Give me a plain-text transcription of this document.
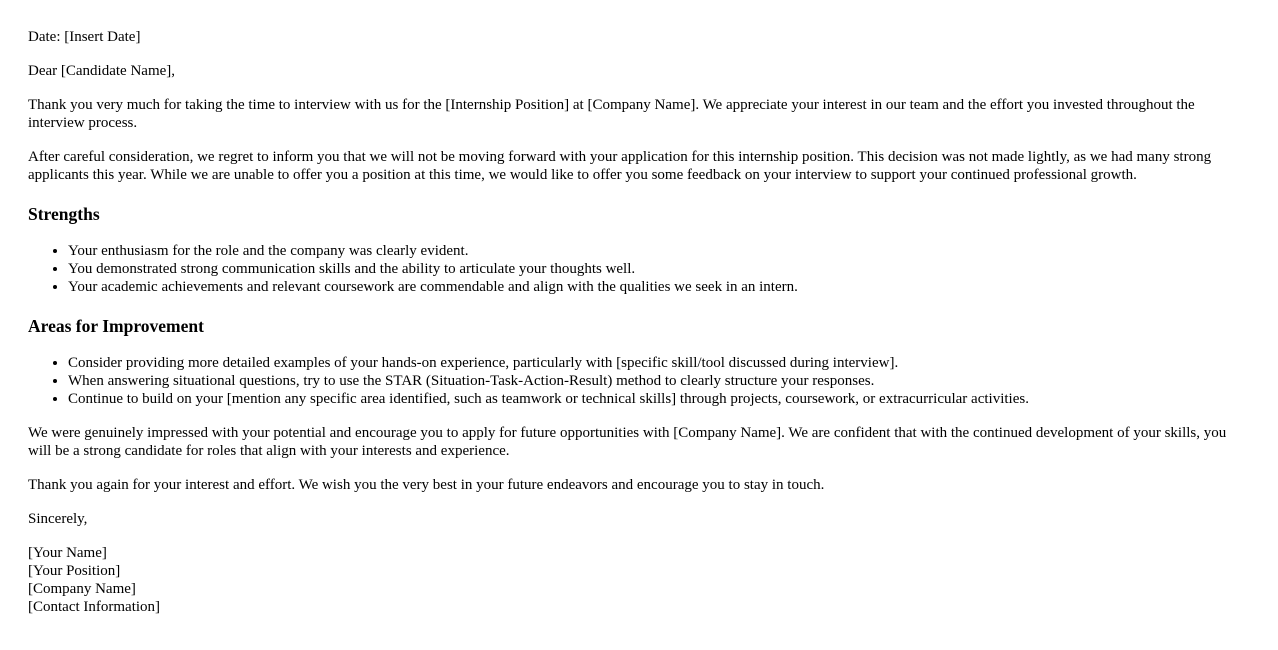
Date: [Insert Date]

Dear [Candidate Name],

Thank you very much for taking the time to interview with us for the [Internship Position] at [Company Name]. We appreciate your interest in our team and the effort you invested throughout the interview process.

After careful consideration, we regret to inform you that we will not be moving forward with your application for this internship position. This decision was not made lightly, as we had many strong applicants this year. While we are unable to offer you a position at this time, we would like to offer you some feedback on your interview to support your continued professional growth.

Strengths
• Your enthusiasm for the role and the company was clearly evident.
• You demonstrated strong communication skills and the ability to articulate your thoughts well.
• Your academic achievements and relevant coursework are commendable and align with the qualities we seek in an intern.
Areas for Improvement
• Consider providing more detailed examples of your hands-on experience, particularly with [specific skill/tool discussed during interview].
• When answering situational questions, try to use the STAR (Situation-Task-Action-Result) method to clearly structure your responses.
• Continue to build on your [mention any specific area identified, such as teamwork or technical skills] through projects, coursework, or extracurricular activities.

We were genuinely impressed with your potential and encourage you to apply for future opportunities with [Company Name]. We are confident that with the continued development of your skills, you will be a strong candidate for roles that align with your interests and experience.

Thank you again for your interest and effort. We wish you the very best in your future endeavors and encourage you to stay in touch.

Sincerely,

[Your Name]
[Your Position]
[Company Name]
[Contact Information]
